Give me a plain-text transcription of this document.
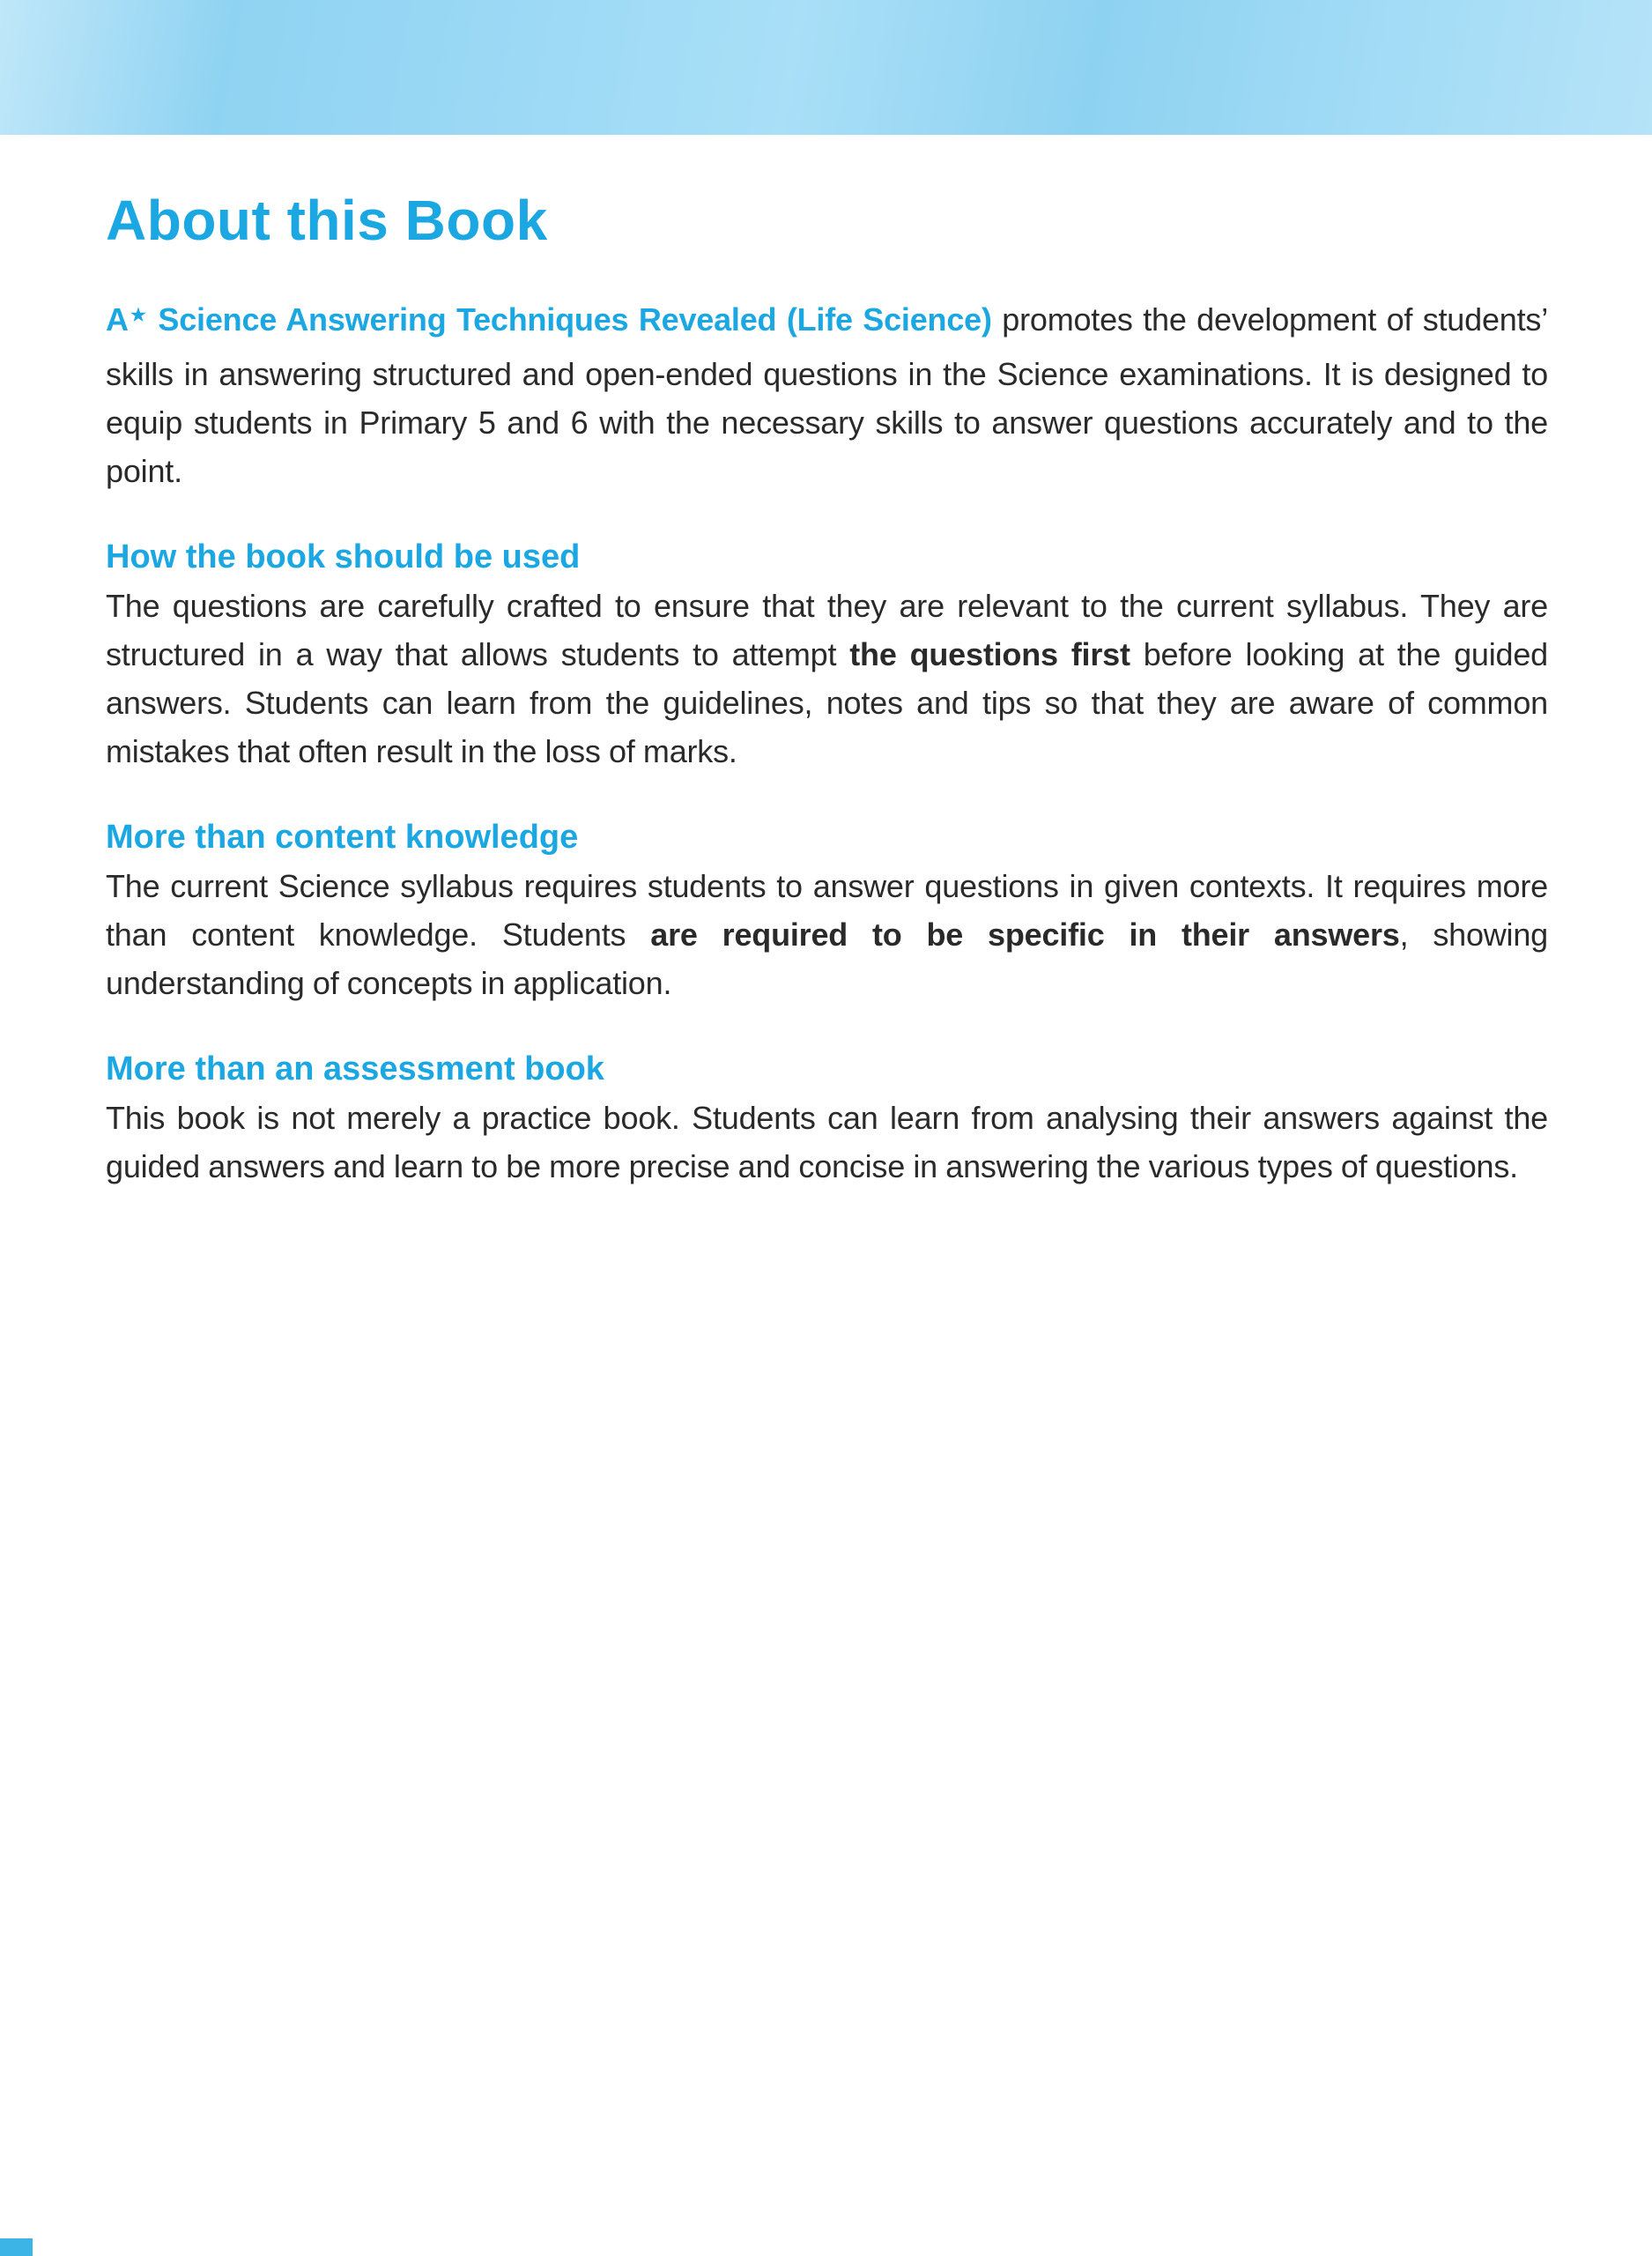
About this Book

A★ Science Answering Techniques Revealed (Life Science) promotes the development of students’ skills in answering structured and open-ended questions in the Science examinations. It is designed to equip students in Primary 5 and 6 with the necessary skills to answer questions accurately and to the point.

How the book should be used

The questions are carefully crafted to ensure that they are relevant to the current syllabus. They are structured in a way that allows students to attempt the questions first before looking at the guided answers. Students can learn from the guidelines, notes and tips so that they are aware of common mistakes that often result in the loss of marks.

More than content knowledge

The current Science syllabus requires students to answer questions in given contexts. It requires more than content knowledge. Students are required to be specific in their answers, showing understanding of concepts in application.

More than an assessment book

This book is not merely a practice book. Students can learn from analysing their answers against the guided answers and learn to be more precise and concise in answering the various types of questions.
